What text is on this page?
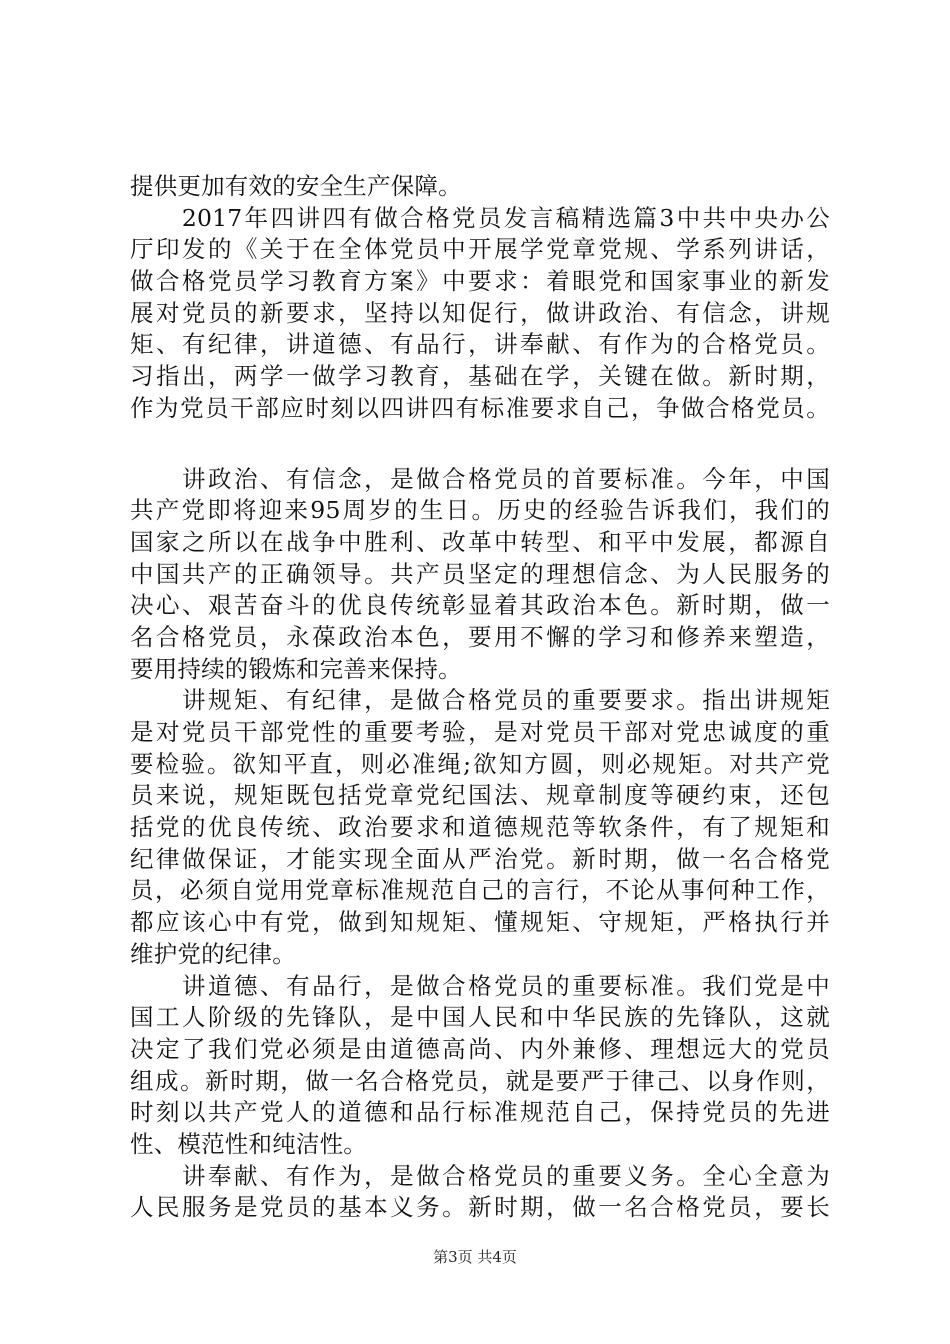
提供更加有效的安全生产保障。
　　2017年四讲四有做合格党员发言稿精选篇3中共中央办公
厅印发的《关于在全体党员中开展学党章党规、学系列讲话，
做合格党员学习教育方案》中要求：着眼党和国家事业的新发
展对党员的新要求，坚持以知促行，做讲政治、有信念，讲规
矩、有纪律，讲道德、有品行，讲奉献、有作为的合格党员。
习指出，两学一做学习教育，基础在学，关键在做。新时期，
作为党员干部应时刻以四讲四有标准要求自己，争做合格党员。
　　讲政治、有信念，是做合格党员的首要标准。今年，中国
共产党即将迎来95周岁的生日。历史的经验告诉我们，我们的
国家之所以在战争中胜利、改革中转型、和平中发展，都源自
中国共产的正确领导。共产员坚定的理想信念、为人民服务的
决心、艰苦奋斗的优良传统彰显着其政治本色。新时期，做一
名合格党员，永葆政治本色，要用不懈的学习和修养来塑造，
要用持续的锻炼和完善来保持。
　　讲规矩、有纪律，是做合格党员的重要要求。指出讲规矩
是对党员干部党性的重要考验，是对党员干部对党忠诚度的重
要检验。欲知平直，则必准绳;欲知方圆，则必规矩。对共产党
员来说，规矩既包括党章党纪国法、规章制度等硬约束，还包
括党的优良传统、政治要求和道德规范等软条件，有了规矩和
纪律做保证，才能实现全面从严治党。新时期，做一名合格党
员，必须自觉用党章标准规范自己的言行，不论从事何种工作，
都应该心中有党，做到知规矩、懂规矩、守规矩，严格执行并
维护党的纪律。
　　讲道德、有品行，是做合格党员的重要标准。我们党是中
国工人阶级的先锋队，是中国人民和中华民族的先锋队，这就
决定了我们党必须是由道德高尚、内外兼修、理想远大的党员
组成。新时期，做一名合格党员，就是要严于律己、以身作则，
时刻以共产党人的道德和品行标准规范自己，保持党员的先进
性、模范性和纯洁性。
　　讲奉献、有作为，是做合格党员的重要义务。全心全意为
人民服务是党员的基本义务。新时期，做一名合格党员，要长
第3页 共4页
